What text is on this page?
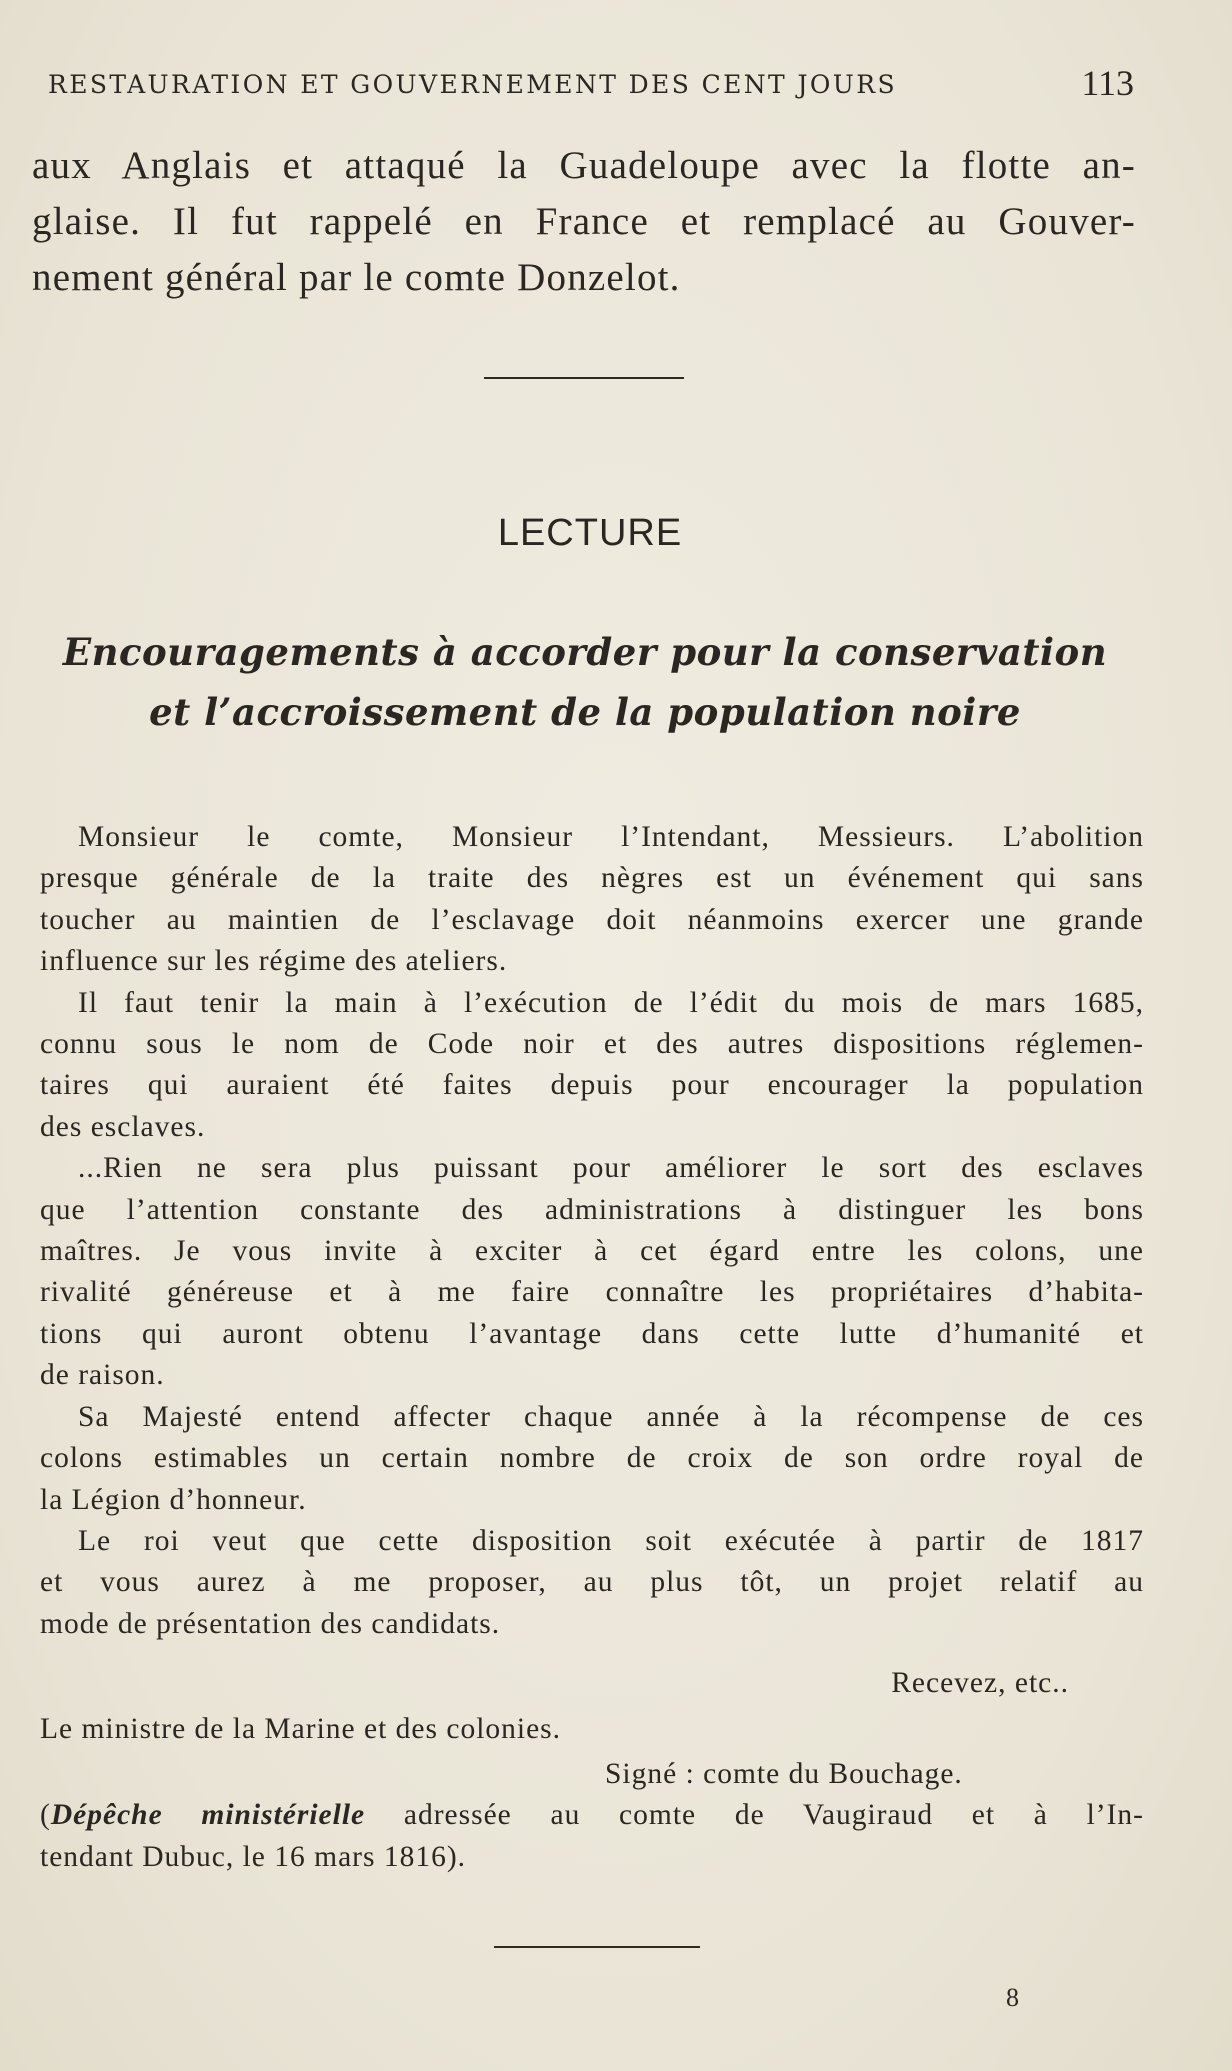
RESTAURATION ET GOUVERNEMENT DES CENT JOURS	113
aux Anglais et attaqué la Guadeloupe avec la flotte an-
glaise. Il fut rappelé en France et remplacé au Gouver-
nement général par le comte Donzelot.
LECTURE
Encouragements à accorder pour la conservation
et l’accroissement de la population noire
Monsieur le comte, Monsieur l’Intendant, Messieurs. L’abolition
presque générale de la traite des nègres est un événement qui sans
toucher au maintien de l’esclavage doit néanmoins exercer une grande
influence sur les régime des ateliers.
Il faut tenir la main à l’exécution de l’édit du mois de mars 1685,
connu sous le nom de Code noir et des autres dispositions réglemen-
taires qui auraient été faites depuis pour encourager la population
des esclaves.
...Rien ne sera plus puissant pour améliorer le sort des esclaves
que l’attention constante des administrations à distinguer les bons
maîtres. Je vous invite à exciter à cet égard entre les colons, une
rivalité généreuse et à me faire connaître les propriétaires d’habita-
tions qui auront obtenu l’avantage dans cette lutte d’humanité et
de raison.
Sa Majesté entend affecter chaque année à la récompense de ces
colons estimables un certain nombre de croix de son ordre royal de
la Légion d’honneur.
Le roi veut que cette disposition soit exécutée à partir de 1817
et vous aurez à me proposer, au plus tôt, un projet relatif au
mode de présentation des candidats.
Recevez, etc..
Le ministre de la Marine et des colonies.
Signé : comte du Bouchage.
(Dépêche ministérielle adressée au comte de Vaugiraud et à l’In-
tendant Dubuc, le 16 mars 1816).
8
